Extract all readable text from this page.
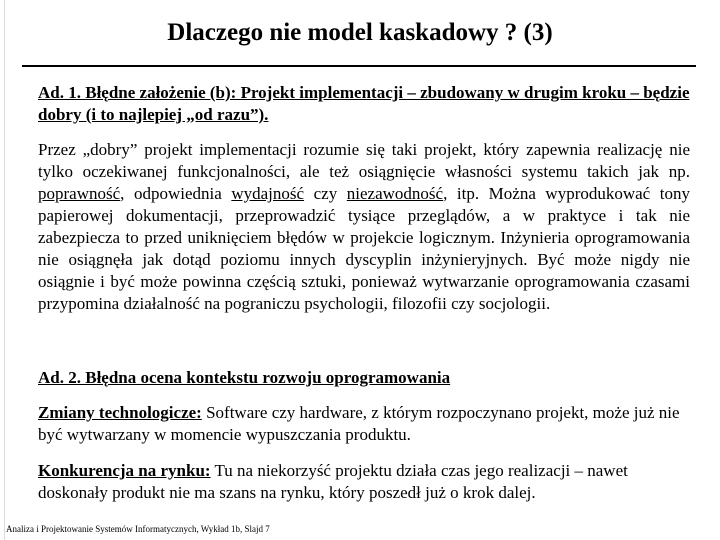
Dlaczego nie model kaskadowy ? (3)
Ad. 1. Błędne założenie (b): Projekt implementacji – zbudowany w drugim kroku – będzie dobry (i to najlepiej „od razu”).
Przez „dobry” projekt implementacji rozumie się taki projekt, który zapewnia realizację nie tylko oczekiwanej funkcjonalności, ale też osiągnięcie własności systemu takich jak np. poprawność, odpowiednia wydajność czy niezawodność, itp. Można wyprodukować tony papierowej dokumentacji, przeprowadzić tysiące przeglądów, a w praktyce i tak nie zabezpiecza to przed uniknięciem błędów w projekcie logicznym. Inżynieria oprogramowania nie osiągnęła jak dotąd poziomu innych dyscyplin inżynieryjnych. Być może nigdy nie osiągnie i być może powinna częścią sztuki, ponieważ wytwarzanie oprogramowania czasami przypomina działalność na pograniczu psychologii, filozofii czy socjologii.
Ad. 2. Błędna ocena kontekstu rozwoju oprogramowania
Zmiany technologicze: Software czy hardware, z którym rozpoczynano projekt, może już nie być wytwarzany w momencie wypuszczania produktu.
Konkurencja na rynku: Tu na niekorzyść projektu działa czas jego realizacji – nawet doskonały produkt nie ma szans na rynku, który poszedł już o krok dalej.
Analiza i Projektowanie Systemów Informatycznych, Wykład 1b, Slajd 7
